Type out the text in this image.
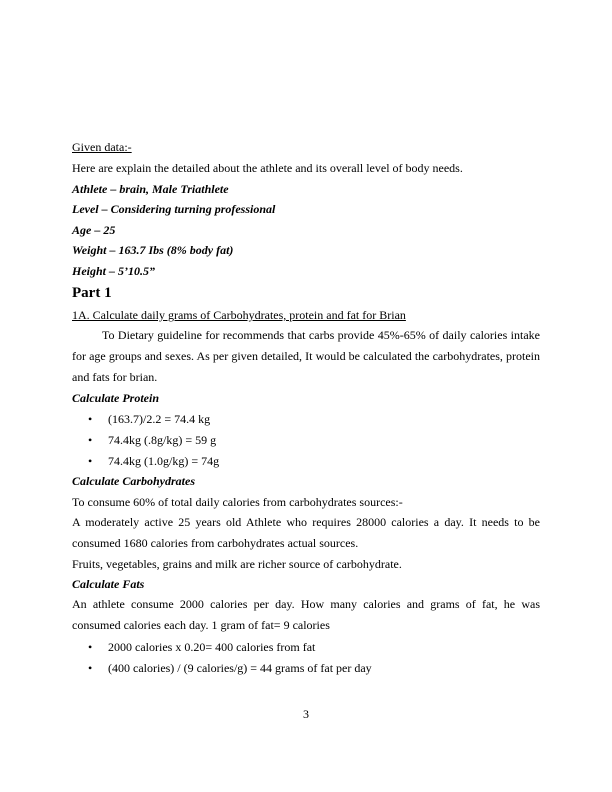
Given data:-
Here are explain the detailed about the athlete and its overall level of body needs.
Athlete – brain, Male Triathlete
Level – Considering turning professional
Age – 25
Weight – 163.7 Ibs (8% body fat)
Height – 5’10.5”
Part 1
1A. Calculate daily grams of Carbohydrates, protein and fat for Brian
To Dietary guideline for recommends that carbs provide 45%-65% of daily calories intake for age groups and sexes. As per given detailed, It would be calculated the carbohydrates, protein and fats for brian.
Calculate Protein
• (163.7)/2.2 = 74.4 kg
• 74.4kg (.8g/kg) = 59 g
• 74.4kg (1.0g/kg) = 74g
Calculate Carbohydrates
To consume 60% of total daily calories from carbohydrates sources:-
A moderately active 25 years old Athlete who requires 28000 calories a day. It needs to be consumed 1680 calories from carbohydrates actual sources.
Fruits, vegetables, grains and milk are richer source of carbohydrate.
Calculate Fats
An athlete consume 2000 calories per day. How many calories and grams of fat, he was consumed calories each day. 1 gram of fat= 9 calories
• 2000 calories x 0.20= 400 calories from fat
• (400 calories) / (9 calories/g) = 44 grams of fat per day
3
